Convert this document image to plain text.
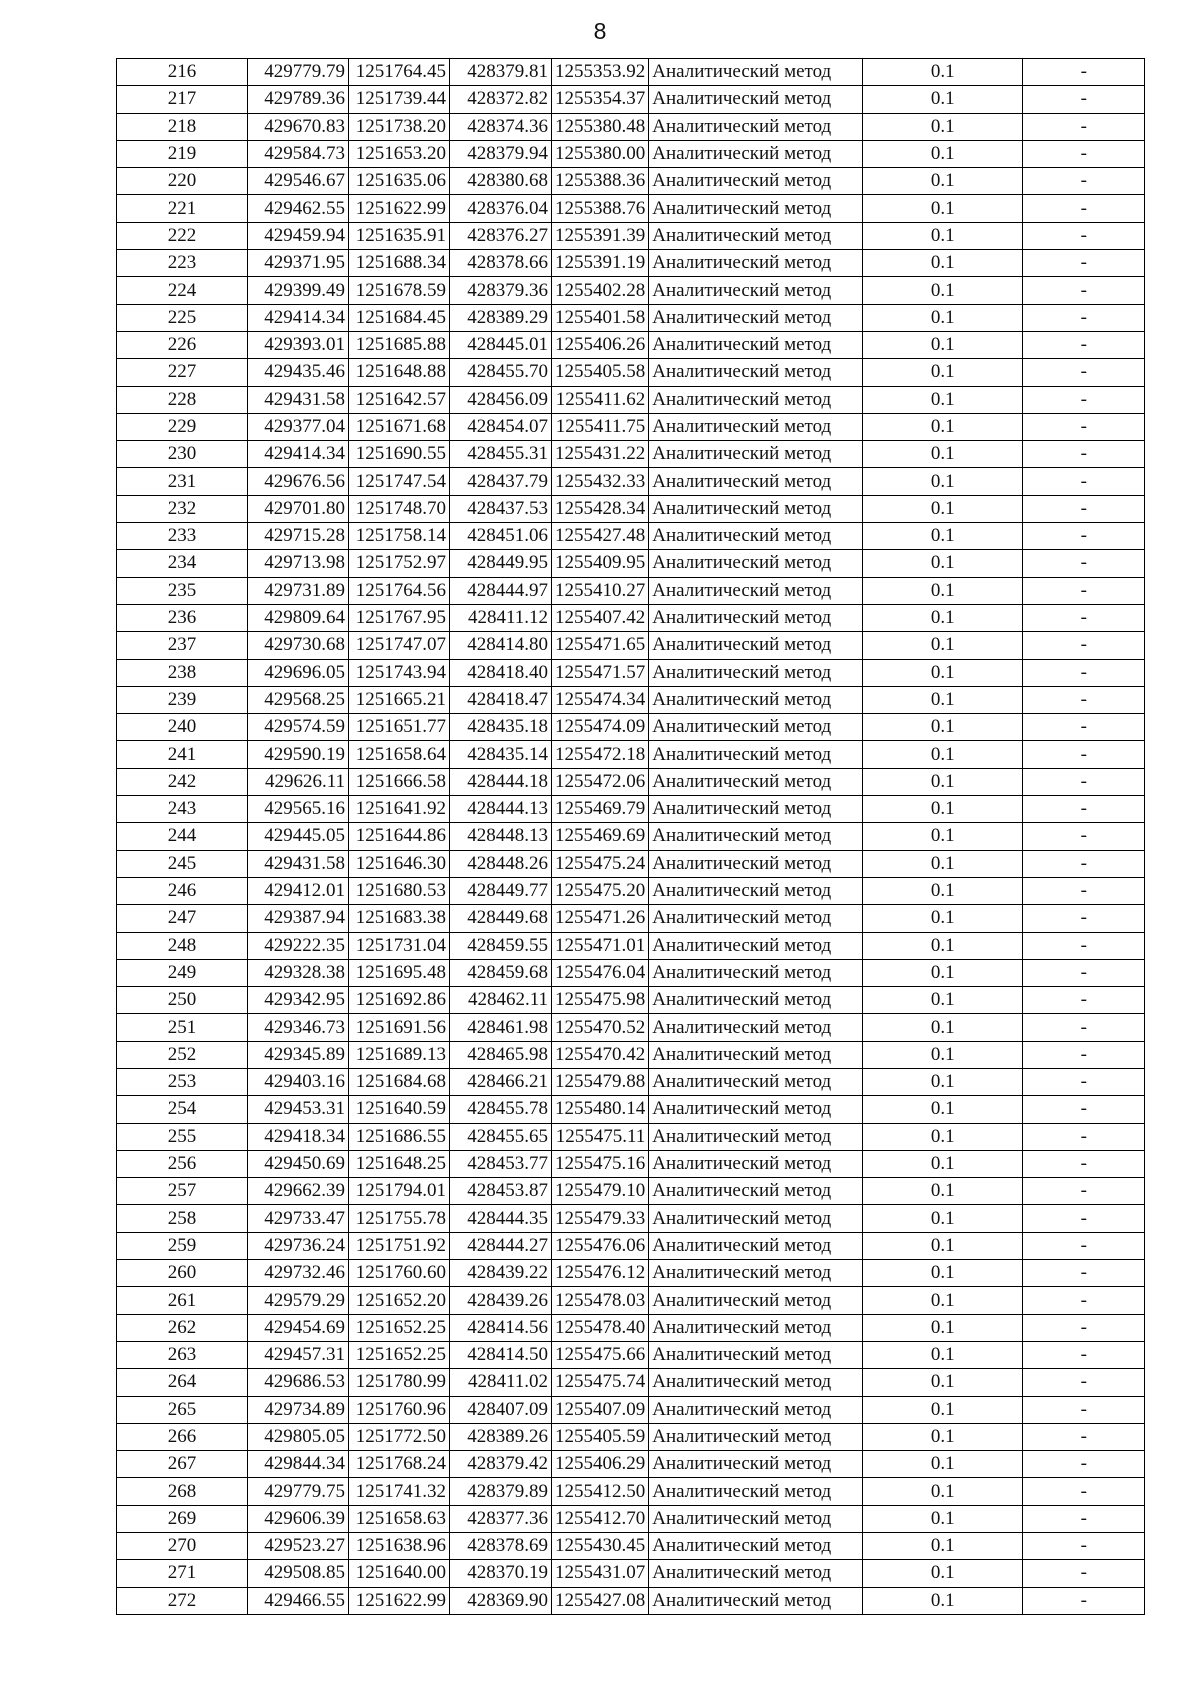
8
216	429779.79	1251764.45	428379.81	1255353.92	Аналитический метод	0.1	-
217	429789.36	1251739.44	428372.82	1255354.37	Аналитический метод	0.1	-
218	429670.83	1251738.20	428374.36	1255380.48	Аналитический метод	0.1	-
219	429584.73	1251653.20	428379.94	1255380.00	Аналитический метод	0.1	-
220	429546.67	1251635.06	428380.68	1255388.36	Аналитический метод	0.1	-
221	429462.55	1251622.99	428376.04	1255388.76	Аналитический метод	0.1	-
222	429459.94	1251635.91	428376.27	1255391.39	Аналитический метод	0.1	-
223	429371.95	1251688.34	428378.66	1255391.19	Аналитический метод	0.1	-
224	429399.49	1251678.59	428379.36	1255402.28	Аналитический метод	0.1	-
225	429414.34	1251684.45	428389.29	1255401.58	Аналитический метод	0.1	-
226	429393.01	1251685.88	428445.01	1255406.26	Аналитический метод	0.1	-
227	429435.46	1251648.88	428455.70	1255405.58	Аналитический метод	0.1	-
228	429431.58	1251642.57	428456.09	1255411.62	Аналитический метод	0.1	-
229	429377.04	1251671.68	428454.07	1255411.75	Аналитический метод	0.1	-
230	429414.34	1251690.55	428455.31	1255431.22	Аналитический метод	0.1	-
231	429676.56	1251747.54	428437.79	1255432.33	Аналитический метод	0.1	-
232	429701.80	1251748.70	428437.53	1255428.34	Аналитический метод	0.1	-
233	429715.28	1251758.14	428451.06	1255427.48	Аналитический метод	0.1	-
234	429713.98	1251752.97	428449.95	1255409.95	Аналитический метод	0.1	-
235	429731.89	1251764.56	428444.97	1255410.27	Аналитический метод	0.1	-
236	429809.64	1251767.95	428411.12	1255407.42	Аналитический метод	0.1	-
237	429730.68	1251747.07	428414.80	1255471.65	Аналитический метод	0.1	-
238	429696.05	1251743.94	428418.40	1255471.57	Аналитический метод	0.1	-
239	429568.25	1251665.21	428418.47	1255474.34	Аналитический метод	0.1	-
240	429574.59	1251651.77	428435.18	1255474.09	Аналитический метод	0.1	-
241	429590.19	1251658.64	428435.14	1255472.18	Аналитический метод	0.1	-
242	429626.11	1251666.58	428444.18	1255472.06	Аналитический метод	0.1	-
243	429565.16	1251641.92	428444.13	1255469.79	Аналитический метод	0.1	-
244	429445.05	1251644.86	428448.13	1255469.69	Аналитический метод	0.1	-
245	429431.58	1251646.30	428448.26	1255475.24	Аналитический метод	0.1	-
246	429412.01	1251680.53	428449.77	1255475.20	Аналитический метод	0.1	-
247	429387.94	1251683.38	428449.68	1255471.26	Аналитический метод	0.1	-
248	429222.35	1251731.04	428459.55	1255471.01	Аналитический метод	0.1	-
249	429328.38	1251695.48	428459.68	1255476.04	Аналитический метод	0.1	-
250	429342.95	1251692.86	428462.11	1255475.98	Аналитический метод	0.1	-
251	429346.73	1251691.56	428461.98	1255470.52	Аналитический метод	0.1	-
252	429345.89	1251689.13	428465.98	1255470.42	Аналитический метод	0.1	-
253	429403.16	1251684.68	428466.21	1255479.88	Аналитический метод	0.1	-
254	429453.31	1251640.59	428455.78	1255480.14	Аналитический метод	0.1	-
255	429418.34	1251686.55	428455.65	1255475.11	Аналитический метод	0.1	-
256	429450.69	1251648.25	428453.77	1255475.16	Аналитический метод	0.1	-
257	429662.39	1251794.01	428453.87	1255479.10	Аналитический метод	0.1	-
258	429733.47	1251755.78	428444.35	1255479.33	Аналитический метод	0.1	-
259	429736.24	1251751.92	428444.27	1255476.06	Аналитический метод	0.1	-
260	429732.46	1251760.60	428439.22	1255476.12	Аналитический метод	0.1	-
261	429579.29	1251652.20	428439.26	1255478.03	Аналитический метод	0.1	-
262	429454.69	1251652.25	428414.56	1255478.40	Аналитический метод	0.1	-
263	429457.31	1251652.25	428414.50	1255475.66	Аналитический метод	0.1	-
264	429686.53	1251780.99	428411.02	1255475.74	Аналитический метод	0.1	-
265	429734.89	1251760.96	428407.09	1255407.09	Аналитический метод	0.1	-
266	429805.05	1251772.50	428389.26	1255405.59	Аналитический метод	0.1	-
267	429844.34	1251768.24	428379.42	1255406.29	Аналитический метод	0.1	-
268	429779.75	1251741.32	428379.89	1255412.50	Аналитический метод	0.1	-
269	429606.39	1251658.63	428377.36	1255412.70	Аналитический метод	0.1	-
270	429523.27	1251638.96	428378.69	1255430.45	Аналитический метод	0.1	-
271	429508.85	1251640.00	428370.19	1255431.07	Аналитический метод	0.1	-
272	429466.55	1251622.99	428369.90	1255427.08	Аналитический метод	0.1	-
